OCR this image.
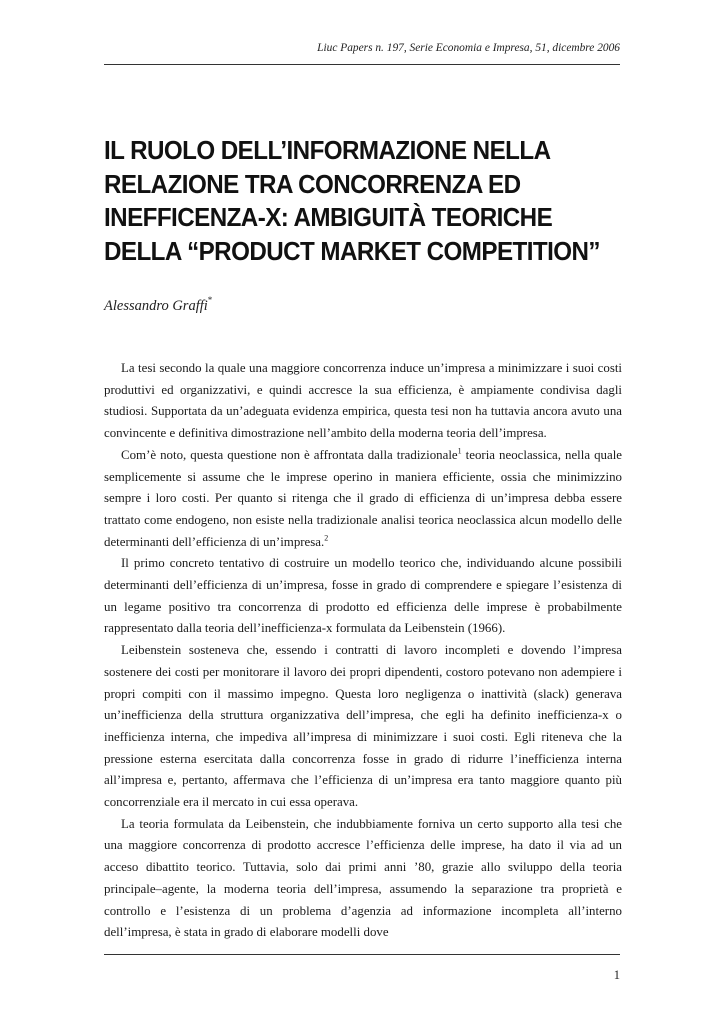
Liuc Papers n. 197, Serie Economia e Impresa, 51, dicembre 2006
IL RUOLO DELL’INFORMAZIONE NELLA
RELAZIONE TRA CONCORRENZA ED
INEFFICENZA-X: AMBIGUITÀ TEORICHE
DELLA “PRODUCT MARKET COMPETITION”
Alessandro Graffi*

La tesi secondo la quale una maggiore concorrenza induce un’impresa a minimizzare i suoi costi produttivi ed organizzativi, e quindi accresce la sua efficienza, è ampiamente condivisa dagli studiosi. Supportata da un’adeguata evidenza empirica, questa tesi non ha tuttavia ancora avuto una convincente e definitiva dimostrazione nell’ambito della moderna teoria dell’impresa.

Com’è noto, questa questione non è affrontata dalla tradizionale$^1$ teoria neoclassica, nella quale semplicemente si assume che le imprese operino in maniera efficiente, ossia che minimizzino sempre i loro costi. Per quanto si ritenga che il grado di efficienza di un’impresa debba essere trattato come endogeno, non esiste nella tradizionale analisi teorica neoclassica alcun modello delle determinanti dell’efficienza di un’impresa.$^2$

Il primo concreto tentativo di costruire un modello teorico che, individuando alcune possibili determinanti dell’efficienza di un’impresa, fosse in grado di comprendere e spiegare l’esistenza di un legame positivo tra concorrenza di prodotto ed efficienza delle imprese è probabilmente rappresentato dalla teoria dell’inefficienza-x formulata da Leibenstein (1966).

Leibenstein sosteneva che, essendo i contratti di lavoro incompleti e dovendo l’impresa sostenere dei costi per monitorare il lavoro dei propri dipendenti, costoro potevano non adempiere i propri compiti con il massimo impegno. Questa loro negligenza o inattività (slack) generava un’inefficienza della struttura organizzativa dell’impresa, che egli ha definito inefficienza-x o inefficienza interna, che impediva all’impresa di minimizzare i suoi costi. Egli riteneva che la pressione esterna esercitata dalla concorrenza fosse in grado di ridurre l’inefficienza interna all’impresa e, pertanto, affermava che l’efficienza di un’impresa era tanto maggiore quanto più concorrenziale era il mercato in cui essa operava.

La teoria formulata da Leibenstein, che indubbiamente forniva un certo supporto alla tesi che una maggiore concorrenza di prodotto accresce l’efficienza delle imprese, ha dato il via ad un acceso dibattito teorico. Tuttavia, solo dai primi anni ’80, grazie allo sviluppo della teoria principale–agente, la moderna teoria dell’impresa, assumendo la separazione tra proprietà e controllo e l’esistenza di un problema d’agenzia ad informazione incompleta all’interno dell’impresa, è stata in grado di elaborare modelli dove

1
